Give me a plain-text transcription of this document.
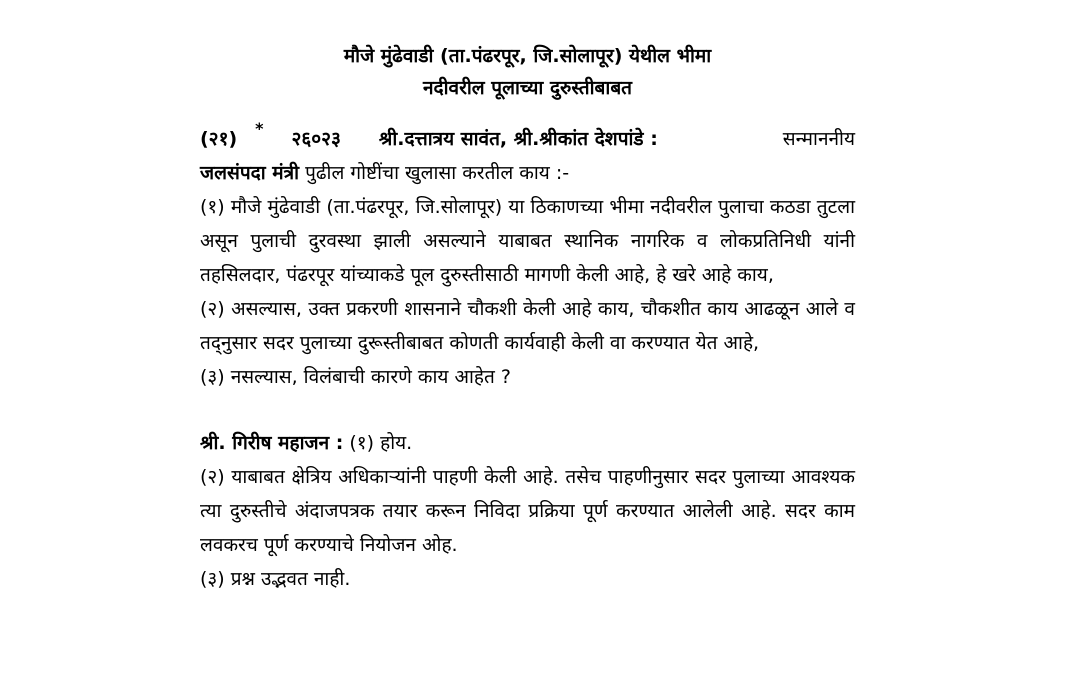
मौजे मुंढेवाडी (ता.पंढरपूर, जि.सोलापूर) येथील भीमा

नदीवरील पूलाच्या दुरुस्तीबाबत

(२१) * २६०२३ श्री.दत्तात्रय सावंत, श्री.श्रीकांत देशपांडे :	सन्माननीय

जलसंपदा मंत्री पुढील गोष्टींचा खुलासा करतील काय :-

(१) मौजे मुंढेवाडी (ता.पंढरपूर, जि.सोलापूर) या ठिकाणच्या भीमा नदीवरील पुलाचा कठडा तुटला असून पुलाची दुरवस्था झाली असल्याने याबाबत स्थानिक नागरिक व लोकप्रतिनिधी यांनी तहसिलदार, पंढरपूर यांच्याकडे पूल दुरुस्तीसाठी मागणी केली आहे, हे खरे आहे काय,

(२) असल्यास, उक्त प्रकरणी शासनाने चौकशी केली आहे काय, चौकशीत काय आढळून आले व तद्नुसार सदर पुलाच्या दुरूस्तीबाबत कोणती कार्यवाही केली वा करण्यात येत आहे,

(३) नसल्यास, विलंबाची कारणे काय आहेत ?

श्री. गिरीष महाजन : (१) होय.

(२) याबाबत क्षेत्रिय अधिकाऱ्यांनी पाहणी केली आहे. तसेच पाहणीनुसार सदर पुलाच्या आवश्यक त्या दुरुस्तीचे अंदाजपत्रक तयार करून निविदा प्रक्रिया पूर्ण करण्यात आलेली आहे. सदर काम लवकरच पूर्ण करण्याचे नियोजन ओह.

(३) प्रश्न उद्भवत नाही.
